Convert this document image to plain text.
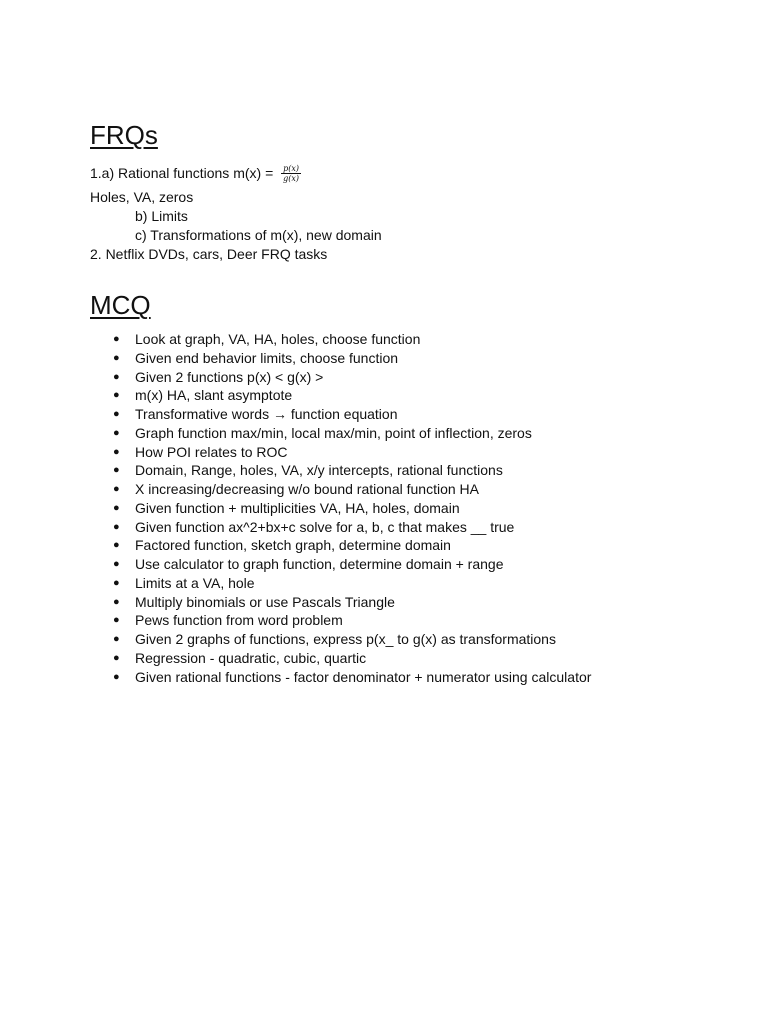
FRQs
1.a) Rational functions $m(x) = \frac{p(x)}{g(x)}$
Holes, VA, zeros
b) Limits
c) Transformations of m(x), new domain
2. Netflix DVDs, cars, Deer FRQ tasks
MCQ
● Look at graph, VA, HA, holes, choose function
● Given end behavior limits, choose function
● Given 2 functions p(x) < g(x) >
● m(x) HA, slant asymptote
● Transformative words → function equation
● Graph function max/min, local max/min, point of inflection, zeros
● How POI relates to ROC
● Domain, Range, holes, VA, x/y intercepts, rational functions
● X increasing/decreasing w/o bound rational function HA
● Given function + multiplicities VA, HA, holes, domain
● Given function ax^2+bx+c solve for a, b, c that makes __ true
● Factored function, sketch graph, determine domain
● Use calculator to graph function, determine domain + range
● Limits at a VA, hole
● Multiply binomials or use Pascals Triangle
● Pews function from word problem
● Given 2 graphs of functions, express p(x_ to g(x) as transformations
● Regression - quadratic, cubic, quartic
● Given rational functions - factor denominator + numerator using calculator
